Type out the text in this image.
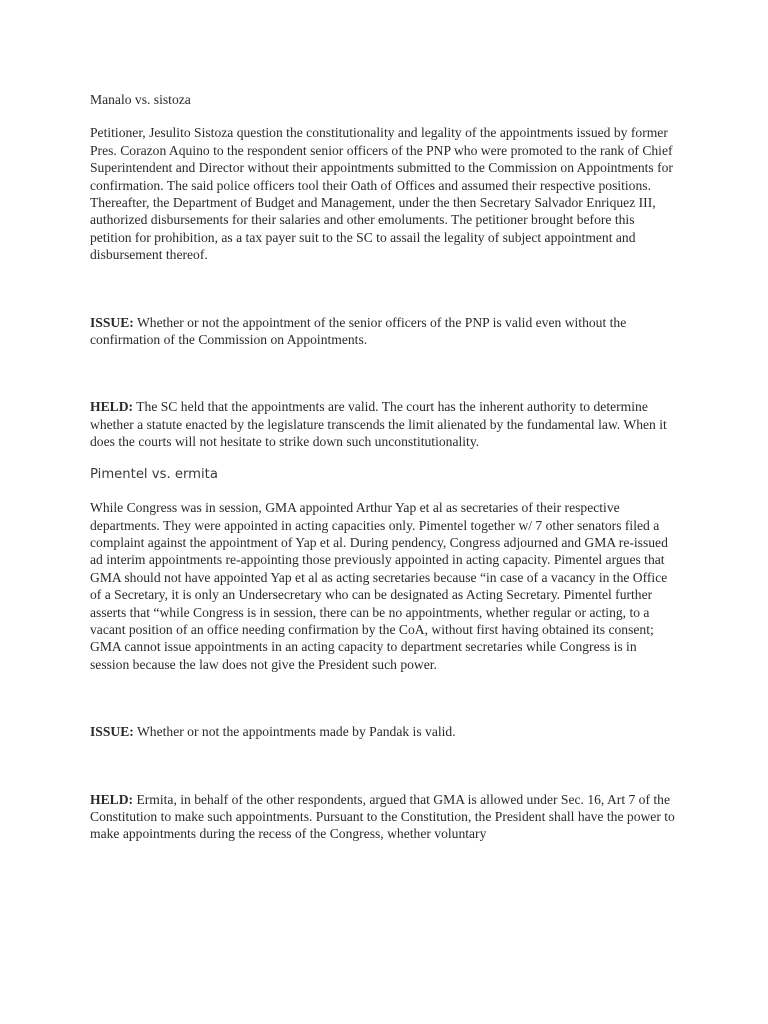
Manalo vs. sistoza

Petitioner, Jesulito Sistoza question the constitutionality and legality of the appointments issued by former Pres. Corazon Aquino to the respondent senior officers of the PNP who were promoted to the rank of Chief Superintendent and Director without their appointments submitted to the Commission on Appointments for confirmation. The said police officers tool their Oath of Offices and assumed their respective positions. Thereafter, the Department of Budget and Management, under the then Secretary Salvador Enriquez III, authorized disbursements for their salaries and other emoluments. The petitioner brought before this petition for prohibition, as a tax payer suit to the SC to assail the legality of subject appointment and disbursement thereof.

ISSUE: Whether or not the appointment of the senior officers of the PNP is valid even without the confirmation of the Commission on Appointments.

HELD: The SC held that the appointments are valid. The court has the inherent authority to determine whether a statute enacted by the legislature transcends the limit alienated by the fundamental law. When it does the courts will not hesitate to strike down such unconstitutionality.

Pimentel vs. ermita

While Congress was in session, GMA appointed Arthur Yap et al as secretaries of their respective departments. They were appointed in acting capacities only. Pimentel together w/ 7 other senators filed a complaint against the appointment of Yap et al. During pendency, Congress adjourned and GMA re-issued ad interim appointments re-appointing those previously appointed in acting capacity. Pimentel argues that GMA should not have appointed Yap et al as acting secretaries because “in case of a vacancy in the Office of a Secretary, it is only an Undersecretary who can be designated as Acting Secretary. Pimentel further asserts that “while Congress is in session, there can be no appointments, whether regular or acting, to a vacant position of an office needing confirmation by the CoA, without first having obtained its consent; GMA cannot issue appointments in an acting capacity to department secretaries while Congress is in session because the law does not give the President such power.

ISSUE: Whether or not the appointments made by Pandak is valid.

HELD: Ermita, in behalf of the other respondents, argued that GMA is allowed under Sec. 16, Art 7 of the Constitution to make such appointments. Pursuant to the Constitution, the President shall have the power to make appointments during the recess of the Congress, whether voluntary
